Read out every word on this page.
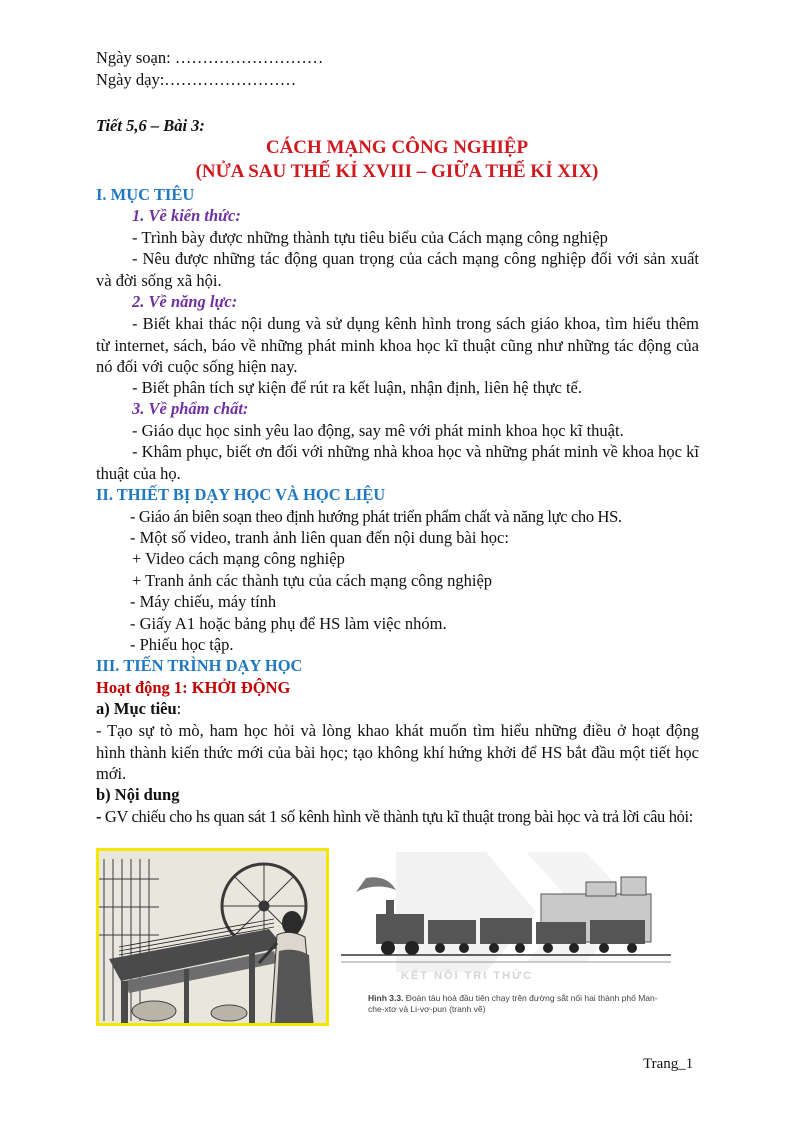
Ngày soạn: ………………………
Ngày dạy:……………………
Tiết 5,6 – Bài 3:
CÁCH MẠNG CÔNG NGHIỆP
(NỬA SAU THẾ KỈ XVIII – GIỮA THẾ KỈ XIX)
I. MỤC TIÊU
1. Về kiến thức:
- Trình bày được những thành tựu tiêu biểu của Cách mạng công nghiệp
- Nêu được những tác động quan trọng của cách mạng công nghiệp đối với sản xuất và đời sống xã hội.
2. Về năng lực:
- Biết khai thác nội dung và sử dụng kênh hình trong sách giáo khoa, tìm hiểu thêm từ internet, sách, báo về những phát minh khoa học kĩ thuật cũng như những tác động của nó đối với cuộc sống hiện nay.
- Biết phân tích sự kiện để rút ra kết luận, nhận định, liên hệ thực tế.
3. Về phẩm chất:
- Giáo dục học sinh yêu lao động, say mê với phát minh khoa học kĩ thuật.
- Khâm phục, biết ơn đối với những nhà khoa học và những phát minh về khoa học kĩ thuật của họ.
II. THIẾT BỊ DẠY HỌC VÀ HỌC LIỆU
- Giáo án biên soạn theo định hướng phát triển phẩm chất và năng lực cho HS.
- Một số video, tranh ảnh liên quan đến nội dung bài học:
+ Video cách mạng công nghiệp
+ Tranh ảnh các thành tựu của cách mạng công nghiệp
- Máy chiếu, máy tính
- Giấy A1 hoặc bảng phụ để HS làm việc nhóm.
- Phiếu học tập.
III. TIẾN TRÌNH DẠY HỌC
Hoạt động 1: KHỞI ĐỘNG
a) Mục tiêu:
- Tạo sự tò mò, ham học hỏi và lòng khao khát muốn tìm hiểu những điều ở hoạt động hình thành kiến thức mới của bài học; tạo không khí hứng khởi để HS bắt đầu một tiết học mới.
b) Nội dung
- GV chiếu cho hs quan sát 1 số kênh hình về thành tựu kĩ thuật trong bài học và trả lời câu hỏi:
KẾT NỐI TRI THỨC
Hình 3.3. Đoàn tàu hoả đầu tiên chạy trên đường sắt nối hai thành phố Man-che-xtơ và Li-vơ-pun (tranh vẽ)
Trang_1
